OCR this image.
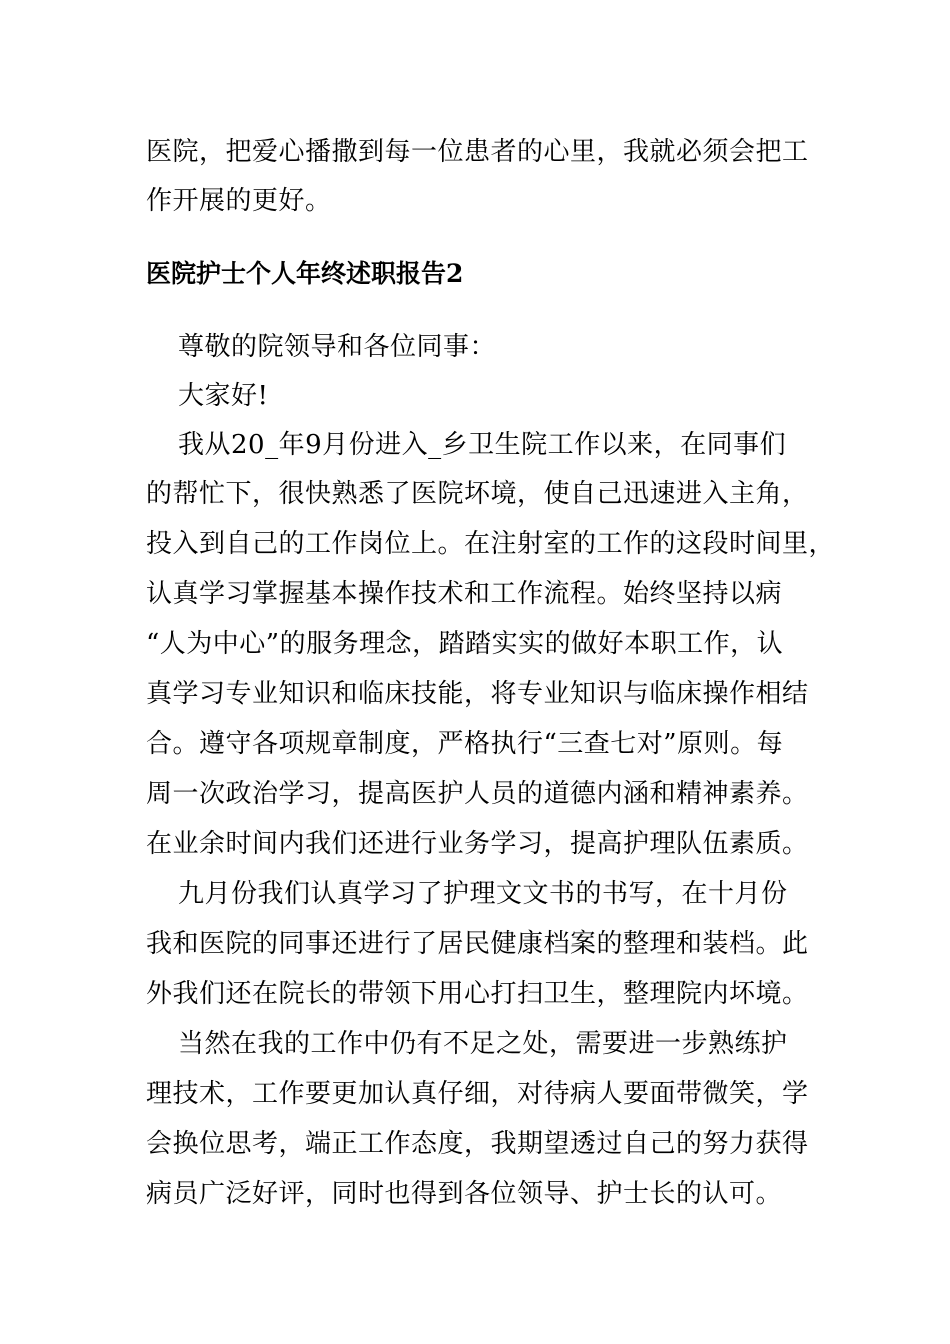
医院，把爱心播撒到每一位患者的心里，我就必须会把工
作开展的更好。
医院护士个人年终述职报告2
尊敬的院领导和各位同事：
大家好!
我从20_年9月份进入_乡卫生院工作以来，在同事们
的帮忙下，很快熟悉了医院坏境，使自己迅速进入主角，
投入到自己的工作岗位上。在注射室的工作的这段时间里，
认真学习掌握基本操作技术和工作流程。始终坚持以病
“人为中心”的服务理念，踏踏实实的做好本职工作，认
真学习专业知识和临床技能，将专业知识与临床操作相结
合。遵守各项规章制度，严格执行“三查七对”原则。每
周一次政治学习，提高医护人员的道德内涵和精神素养。
在业余时间内我们还进行业务学习，提高护理队伍素质。
九月份我们认真学习了护理文文书的书写，在十月份
我和医院的同事还进行了居民健康档案的整理和装档。此
外我们还在院长的带领下用心打扫卫生，整理院内坏境。
当然在我的工作中仍有不足之处，需要进一步熟练护
理技术，工作要更加认真仔细，对待病人要面带微笑，学
会换位思考，端正工作态度，我期望透过自己的努力获得
病员广泛好评，同时也得到各位领导、护士长的认可。
